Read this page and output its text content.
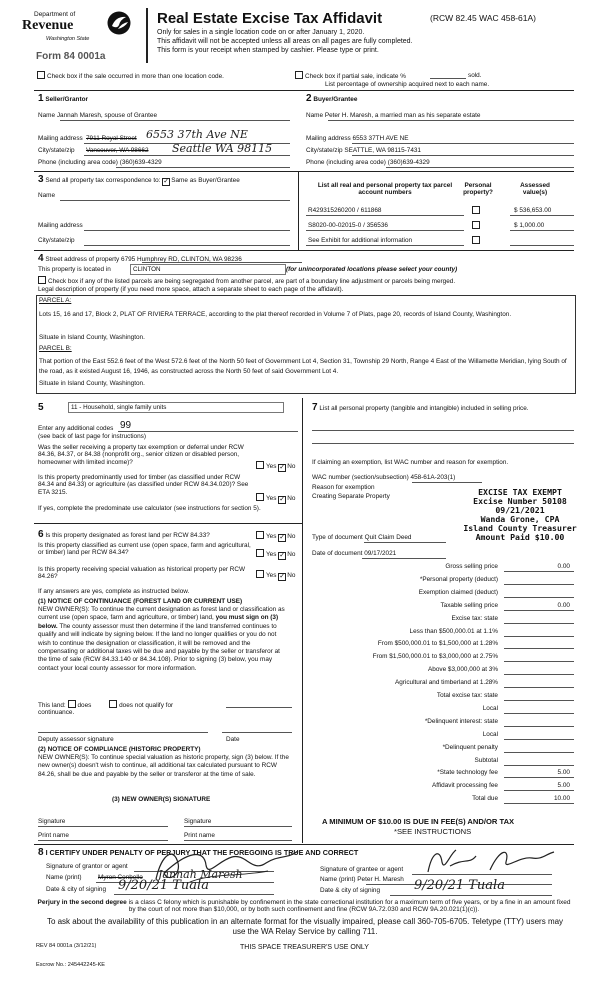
Department of
Revenue
Washington State
Form 84 0001a
Real Estate Excise Tax Affidavit	(RCW 82.45 WAC 458-61A)
Only for sales in a single location code on or after January 1, 2020.
This affidavit will not be accepted unless all areas on all pages are fully completed.
This form is your receipt when stamped by cashier. Please type or print.
Check box if the sale occurred in more than one location code.	Check box if partial sale, indicate %	sold.
List percentage of ownership acquired next to each name.
1 Seller/Grantor
Name Jannah Maresh, spouse of Grantee
Mailing address 7911 Royal Street 6553 37th Ave NE
City/state/zip Vancouver, WA 98662 Seattle WA 98115
Phone (including area code) (360)639-4329
2 Buyer/Grantee
Name Peter H. Maresh, a married man as his separate estate
Mailing address 6553 37TH AVE NE
City/state/zip SEATTLE, WA 98115-7431
Phone (including area code) (360)639-4329
3 Send all property tax correspondence to: ✓ Same as Buyer/Grantee
Name
Mailing address
City/state/zip
List all real and personal property tax parcel account numbers
Personal property?
Assessed value(s)
R429315260200 / 611868	$ 536,653.00
S8020-00-02015-0 / 356536	$ 1,000.00
See Exhibit for additional information
4 Street address of property 6795 Humphrey RD, CLINTON, WA 98236
This property is located in	CLINTON	(for unincorporated locations please select your county)
Check box if any of the listed parcels are being segregated from another parcel, are part of a boundary line adjustment or parcels being merged.
Legal description of property (if you need more space, attach a separate sheet to each page of the affidavit).
PARCEL A:
Lots 15, 16 and 17, Block 2, PLAT OF RIVIERA TERRACE, according to the plat thereof recorded in Volume 7 of Plats, page 20, records of Island County, Washington.
Situate in Island County, Washington.
PARCEL B:
That portion of the East 552.6 feet of the West 572.6 feet of the North 50 feet of Government Lot 4, Section 31, Township 29 North, Range 4 East of the Willamette Meridian, lying South of the road, as it existed August 16, 1946, as constructed across the North 50 feet of said Government Lot 4.
Situate in Island County, Washington.
5	11 - Household, single family units
Enter any additional codes 99
(see back of last page for instructions)
Was the seller receiving a property tax exemption or deferral under RCW 84.36, 84.37, or 84.38 (nonprofit org., senior citizen or disabled person, homeowner with limited income)?
Yes ✓ No
Is this property predominantly used for timber (as classified under RCW 84.34 and 84.33) or agriculture (as classified under RCW 84.34.020)? See ETA 3215.
Yes ✓ No
If yes, complete the predominate use calculator (see instructions for section 5).
6 Is this property designated as forest land per RCW 84.33?	Yes ✓ No
Is this property classified as current use (open space, farm and agricultural, or timber) land per RCW 84.34?	Yes ✓ No
Is this property receiving special valuation as historical property per RCW 84.26?	Yes ✓ No
If any answers are yes, complete as instructed below.
(1) NOTICE OF CONTINUANCE (FOREST LAND OR CURRENT USE)
NEW OWNER(S): To continue the current designation as forest land or classification as current use (open space, farm and agriculture, or timber) land, you must sign on (3) below. The county assessor must then determine if the land transferred continues to qualify and will indicate by signing below. If the land no longer qualifies or you do not wish to continue the designation or classification, it will be removed and the compensating or additional taxes will be due and payable by the seller or transferor at the time of sale (RCW 84.33.140 or 84.34.108). Prior to signing (3) below, you may contact your local county assessor for more information.
This land: does	does not qualify for
continuance.
Deputy assessor signature	Date
(2) NOTICE OF COMPLIANCE (HISTORIC PROPERTY)
NEW OWNER(S): To continue special valuation as historic property, sign (3) below. If the new owner(s) doesn't wish to continue, all additional tax calculated pursuant to RCW 84.26, shall be due and payable by the seller or transferor at the time of sale.
(3) NEW OWNER(S) SIGNATURE
Signature	Signature
Print name	Print name
7 List all personal property (tangible and intangible) included in selling price.
If claiming an exemption, list WAC number and reason for exemption.
WAC number (section/subsection) 458-61A-203(1)
Reason for exemption
Creating Separate Property	EXCISE TAX EXEMPT
Excise Number 50108
09/21/2021
Wanda Grone, CPA
Island County Treasurer
Amount Paid $10.00
Type of document Quit Claim Deed
Date of document 09/17/2021
Gross selling price	0.00
*Personal property (deduct)
Exemption claimed (deduct)
Taxable selling price	0.00
Excise tax: state
Less than $500,000.01 at 1.1%
From $500,000.01 to $1,500,000 at 1.28%
From $1,500,000.01 to $3,000,000 at 2.75%
Above $3,000,000 at 3%
Agricultural and timberland at 1.28%
Total excise tax: state
Local
*Delinquent interest: state
Local
*Delinquent penalty
Subtotal
*State technology fee	5.00
Affidavit processing fee	5.00
Total due	10.00
A MINIMUM OF $10.00 IS DUE IN FEE(S) AND/OR TAX
*SEE INSTRUCTIONS
8 I CERTIFY UNDER PENALTY OF PERJURY THAT THE FOREGOING IS TRUE AND CORRECT
Signature of grantor or agent
Name (print)	Myron Conbello Jannah Maresh
Date & city of signing 9/20/21 Tuala
Signature of grantee or agent
Name (print) Peter H. Maresh
Date & city of signing	9/20/21 Tuala
Perjury in the second degree is a class C felony which is punishable by confinement in the state correctional institution for a maximum term of five years, or by a fine in an amount fixed by the court of not more than $10,000, or by both such confinement and fine (RCW 9A.72.030 and RCW 9A.20.021(1)(c)).
To ask about the availability of this publication in an alternate format for the visually impaired, please call 360-705-6705. Teletype (TTY) users may use the WA Relay Service by calling 711.
REV 84 0001a (3/12/21)	THIS SPACE TREASURER'S USE ONLY
Escrow No.: 245442245-KE
